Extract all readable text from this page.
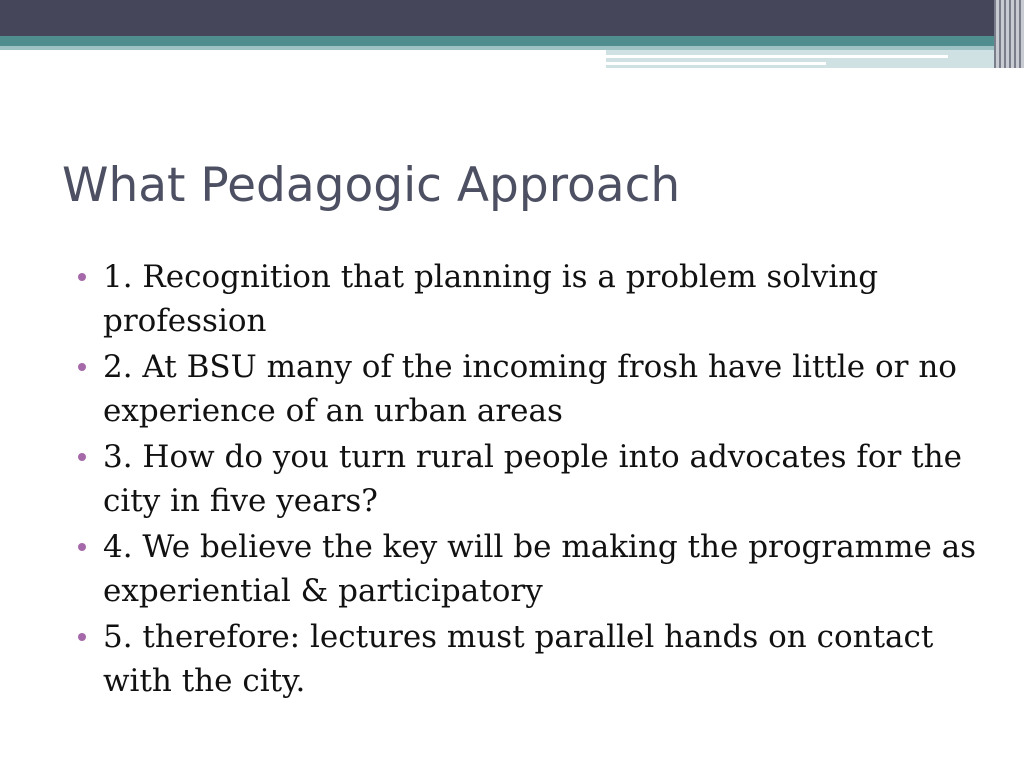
What Pedagogic Approach
1. Recognition that planning is a problem solving profession
2. At BSU many of the incoming frosh have little or no experience of an urban areas
3. How do you turn rural people into advocates for the city in five years?
4. We believe the key will be making the programme as experiential & participatory
5. therefore: lectures must parallel hands on contact with the city.
